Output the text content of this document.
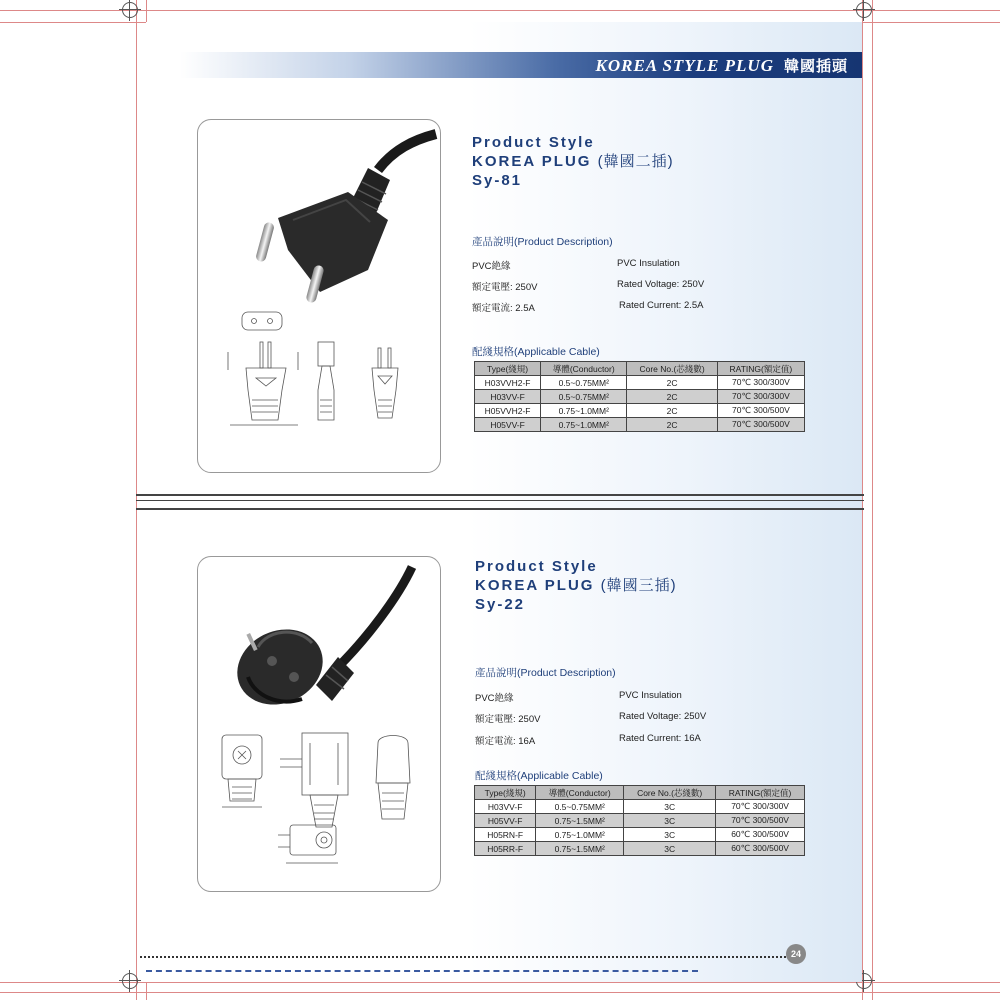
KOREA STYLE PLUG 韓國插頭
Product Style
KOREA PLUG (韓國二插)
Sy-81
產品說明(Product Description)
PVC絶緣	PVC Insulation
額定電壓: 250V	Rated Voltage: 250V
額定電流: 2.5A	Rated Current: 2.5A
配綫規格(Applicable Cable)
Type(綫規)	導體(Conductor)	Core No.(芯綫數)	RATING(額定值)
H03VVH2-F	0.5~0.75MM²	2C	70℃ 300/300V
H03VV-F	0.5~0.75MM²	2C	70℃ 300/300V
H05VVH2-F	0.75~1.0MM²	2C	70℃ 300/500V
H05VV-F	0.75~1.0MM²	2C	70℃ 300/500V
Product Style
KOREA PLUG (韓國三插)
Sy-22
產品說明(Product Description)
PVC絶緣	PVC Insulation
額定電壓: 250V	Rated Voltage: 250V
額定電流: 16A	Rated Current: 16A
配綫規格(Applicable Cable)
Type(綫規)	導體(Conductor)	Core No.(芯綫數)	RATING(額定值)
H03VV-F	0.5~0.75MM²	3C	70℃ 300/300V
H05VV-F	0.75~1.5MM²	3C	70℃ 300/500V
H05RN-F	0.75~1.0MM²	3C	60℃ 300/500V
H05RR-F	0.75~1.5MM²	3C	60℃ 300/500V
24
